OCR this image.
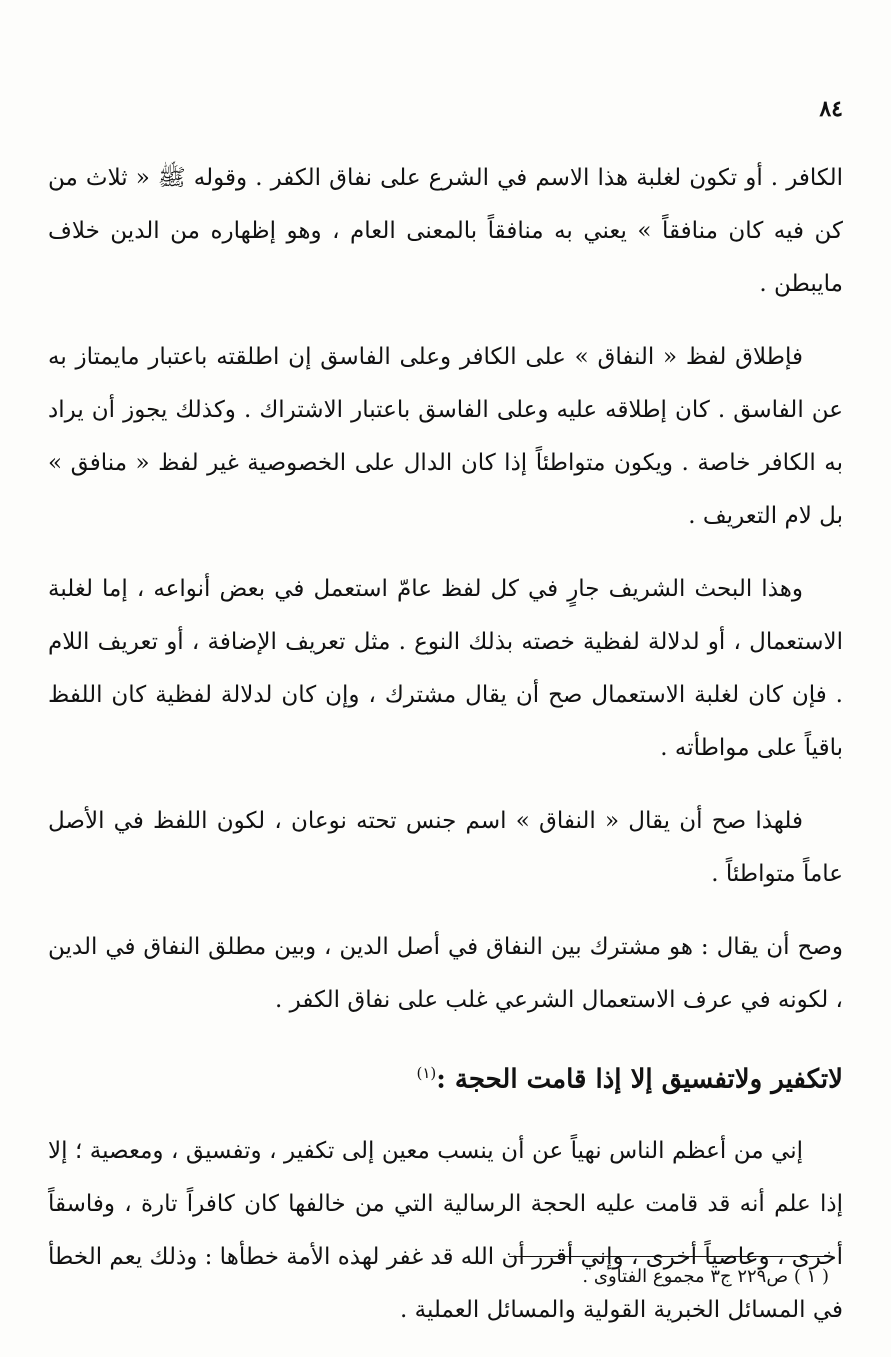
٨٤

الكافر . أو تكون لغلبة هذا الاسم في الشرع على نفاق الكفر . وقوله ﷺ « ثلاث من كن فيه كان منافقاً » يعني به منافقاً بالمعنى العام ، وهو إظهاره من الدين خلاف مايبطن .

فإطلاق لفظ « النفاق » على الكافر وعلى الفاسق إن اطلقته باعتبار مايمتاز به عن الفاسق . كان إطلاقه عليه وعلى الفاسق باعتبار الاشتراك . وكذلك يجوز أن يراد به الكافر خاصة . ويكون متواطئاً إذا كان الدال على الخصوصية غير لفظ « منافق » بل لام التعريف .

وهذا البحث الشريف جارٍ في كل لفظ عامّ استعمل في بعض أنواعه ، إما لغلبة الاستعمال ، أو لدلالة لفظية خصته بذلك النوع . مثل تعريف الإضافة ، أو تعريف اللام . فإن كان لغلبة الاستعمال صح أن يقال مشترك ، وإن كان لدلالة لفظية كان اللفظ باقياً على مواطأته .

فلهذا صح أن يقال « النفاق » اسم جنس تحته نوعان ، لكون اللفظ في الأصل عاماً متواطئاً .

وصح أن يقال : هو مشترك بين النفاق في أصل الدين ، وبين مطلق النفاق في الدين ، لكونه في عرف الاستعمال الشرعي غلب على نفاق الكفر .

لاتكفير ولاتفسيق إلا إذا قامت الحجة :$^{(١)}$

إني من أعظم الناس نهياً عن أن ينسب معين إلى تكفير ، وتفسيق ، ومعصية ؛ إلا إذا علم أنه قد قامت عليه الحجة الرسالية التي من خالفها كان كافراً تارة ، وفاسقاً أخرى ، وعاصياً أخرى ، وإني أقرر أن الله قد غفر لهذه الأمة خطأها : وذلك يعم الخطأ في المسائل الخبرية القولية والمسائل العملية .

( ١ ) ص٢٢٩ ج٣ مجموع الفتاوى .
